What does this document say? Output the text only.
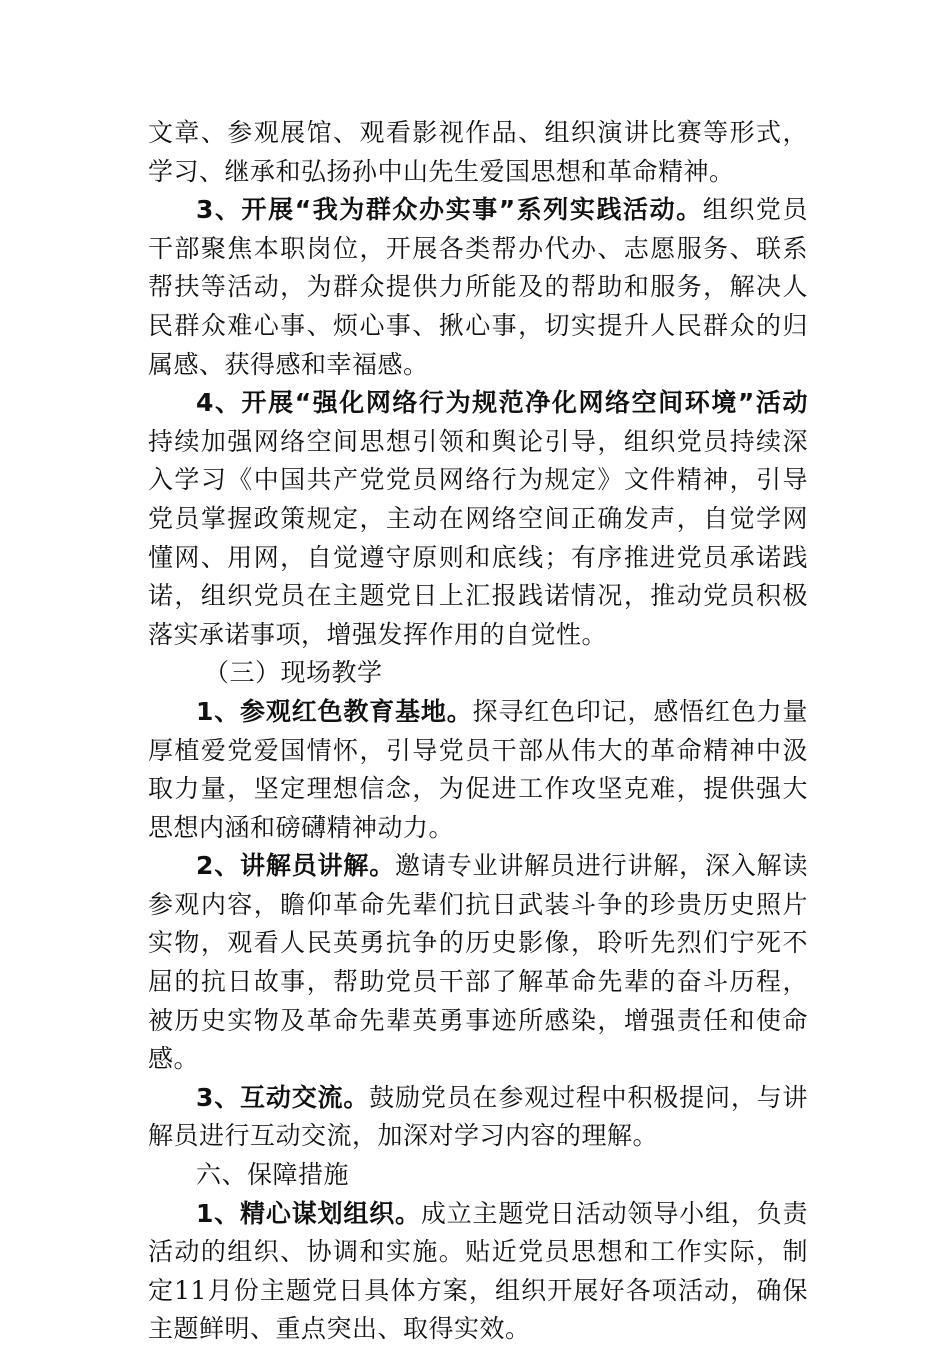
文章、参观展馆、观看影视作品、组织演讲比赛等形式，学习、继承和弘扬孙中山先生爱国思想和革命精神。

3、开展“我为群众办实事”系列实践活动。组织党员干部聚焦本职岗位，开展各类帮办代办、志愿服务、联系帮扶等活动，为群众提供力所能及的帮助和服务，解决人民群众难心事、烦心事、揪心事，切实提升人民群众的归属感、获得感和幸福感。

4、开展“强化网络行为规范净化网络空间环境”活动持续加强网络空间思想引领和舆论引导，组织党员持续深入学习《中国共产党党员网络行为规定》文件精神，引导党员掌握政策规定，主动在网络空间正确发声，自觉学网懂网、用网，自觉遵守原则和底线；有序推进党员承诺践诺，组织党员在主题党日上汇报践诺情况，推动党员积极落实承诺事项，增强发挥作用的自觉性。

（三）现场教学

1、参观红色教育基地。探寻红色印记，感悟红色力量厚植爱党爱国情怀，引导党员干部从伟大的革命精神中汲取力量，坚定理想信念，为促进工作攻坚克难，提供强大思想内涵和磅礴精神动力。

2、讲解员讲解。邀请专业讲解员进行讲解，深入解读参观内容，瞻仰革命先辈们抗日武装斗争的珍贵历史照片实物，观看人民英勇抗争的历史影像，聆听先烈们宁死不屈的抗日故事，帮助党员干部了解革命先辈的奋斗历程，被历史实物及革命先辈英勇事迹所感染，增强责任和使命感。

3、互动交流。鼓励党员在参观过程中积极提问，与讲解员进行互动交流，加深对学习内容的理解。

六、保障措施

1、精心谋划组织。成立主题党日活动领导小组，负责活动的组织、协调和实施。贴近党员思想和工作实际，制定11月份主题党日具体方案，组织开展好各项活动，确保主题鲜明、重点突出、取得实效。
